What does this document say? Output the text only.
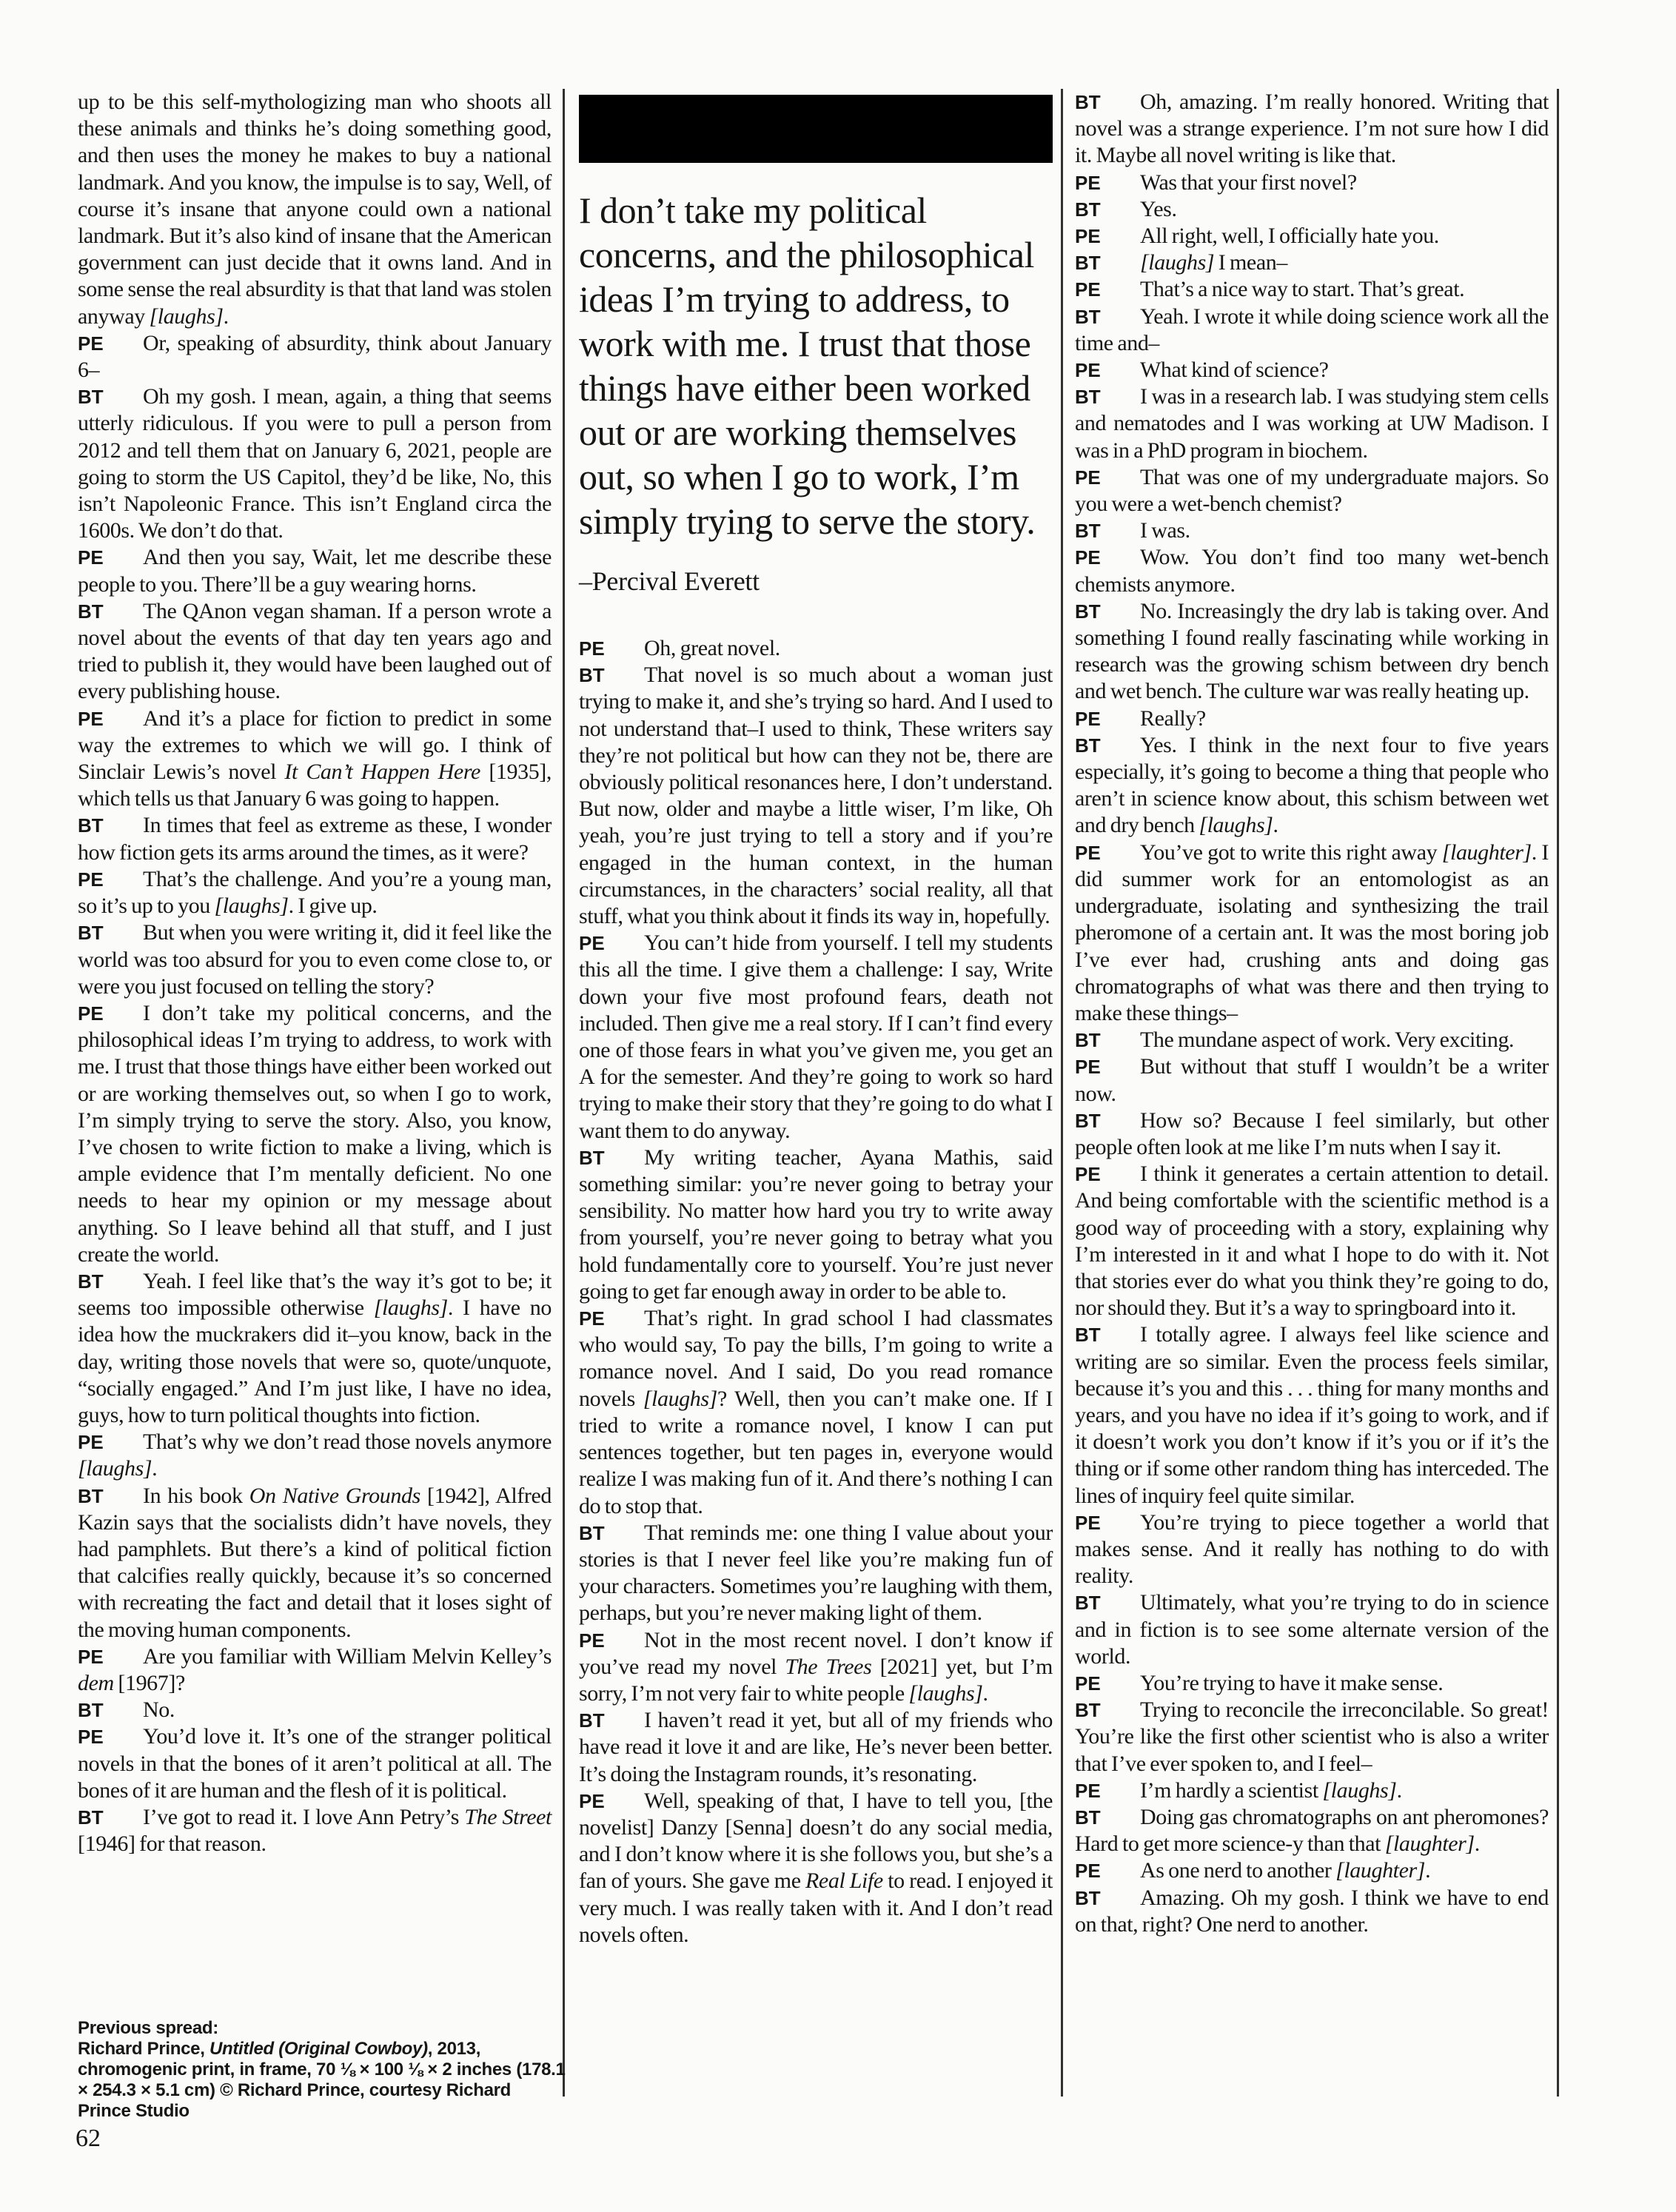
up to be this self-mythologizing man who shoots all these animals and thinks he’s doing something good, and then uses the money he makes to buy a national landmark. And you know, the impulse is to say, Well, of course it’s insane that anyone could own a national landmark. But it’s also kind of insane that the American government can just decide that it owns land. And in some sense the real absurdity is that that land was stolen anyway [laughs].

PE Or, speaking of absurdity, think about January 6–

BT Oh my gosh. I mean, again, a thing that seems utterly ridiculous. If you were to pull a person from 2012 and tell them that on January 6, 2021, people are going to storm the US Capitol, they’d be like, No, this isn’t Napoleonic France. This isn’t England circa the 1600s. We don’t do that.

PE And then you say, Wait, let me describe these people to you. There’ll be a guy wearing horns.

BT The QAnon vegan shaman. If a person wrote a novel about the events of that day ten years ago and tried to publish it, they would have been laughed out of every publishing house.

PE And it’s a place for fiction to predict in some way the extremes to which we will go. I think of Sinclair Lewis’s novel It Can’t Happen Here [1935], which tells us that January 6 was going to happen.

BT In times that feel as extreme as these, I wonder how fiction gets its arms around the times, as it were?

PE That’s the challenge. And you’re a young man, so it’s up to you [laughs]. I give up.

BT But when you were writing it, did it feel like the world was too absurd for you to even come close to, or were you just focused on telling the story?

PE I don’t take my political concerns, and the philosophical ideas I’m trying to address, to work with me. I trust that those things have either been worked out or are working themselves out, so when I go to work, I’m simply trying to serve the story. Also, you know, I’ve chosen to write fiction to make a living, which is ample evidence that I’m mentally deficient. No one needs to hear my opinion or my message about anything. So I leave behind all that stuff, and I just create the world.

BT Yeah. I feel like that’s the way it’s got to be; it seems too impossible otherwise [laughs]. I have no idea how the muckrakers did it–you know, back in the day, writing those novels that were so, quote/unquote, “socially engaged.” And I’m just like, I have no idea, guys, how to turn political thoughts into fiction.

PE That’s why we don’t read those novels anymore [laughs].

BT In his book On Native Grounds [1942], Alfred Kazin says that the socialists didn’t have novels, they had pamphlets. But there’s a kind of political fiction that calcifies really quickly, because it’s so concerned with recreating the fact and detail that it loses sight of the moving human components.

PE Are you familiar with William Melvin Kelley’s dem [1967]?

BT No.

PE You’d love it. It’s one of the stranger political novels in that the bones of it aren’t political at all. The bones of it are human and the flesh of it is political.

BT I’ve got to read it. I love Ann Petry’s The Street [1946] for that reason.

I don’t take my political concerns, and the philosophical ideas I’m trying to address, to work with me. I trust that those things have either been worked out or are working themselves out, so when I go to work, I’m simply trying to serve the story.
–Percival Everett

PE Oh, great novel.

BT That novel is so much about a woman just trying to make it, and she’s trying so hard. And I used to not understand that–I used to think, These writers say they’re not political but how can they not be, there are obviously political resonances here, I don’t understand. But now, older and maybe a little wiser, I’m like, Oh yeah, you’re just trying to tell a story and if you’re engaged in the human context, in the human circumstances, in the characters’ social reality, all that stuff, what you think about it finds its way in, hopefully.

PE You can’t hide from yourself. I tell my students this all the time. I give them a challenge: I say, Write down your five most profound fears, death not included. Then give me a real story. If I can’t find every one of those fears in what you’ve given me, you get an A for the semester. And they’re going to work so hard trying to make their story that they’re going to do what I want them to do anyway.

BT My writing teacher, Ayana Mathis, said something similar: you’re never going to betray your sensibility. No matter how hard you try to write away from yourself, you’re never going to betray what you hold fundamentally core to yourself. You’re just never going to get far enough away in order to be able to.

PE That’s right. In grad school I had classmates who would say, To pay the bills, I’m going to write a romance novel. And I said, Do you read romance novels [laughs]? Well, then you can’t make one. If I tried to write a romance novel, I know I can put sentences together, but ten pages in, everyone would realize I was making fun of it. And there’s nothing I can do to stop that.

BT That reminds me: one thing I value about your stories is that I never feel like you’re making fun of your characters. Sometimes you’re laughing with them, perhaps, but you’re never making light of them.

PE Not in the most recent novel. I don’t know if you’ve read my novel The Trees [2021] yet, but I’m sorry, I’m not very fair to white people [laughs].

BT I haven’t read it yet, but all of my friends who have read it love it and are like, He’s never been better. It’s doing the Instagram rounds, it’s resonating.

PE Well, speaking of that, I have to tell you, [the novelist] Danzy [Senna] doesn’t do any social media, and I don’t know where it is she follows you, but she’s a fan of yours. She gave me Real Life to read. I enjoyed it very much. I was really taken with it. And I don’t read novels often.

BT Oh, amazing. I’m really honored. Writing that novel was a strange experience. I’m not sure how I did it. Maybe all novel writing is like that.

PE Was that your first novel?

BT Yes.

PE All right, well, I officially hate you.

BT [laughs] I mean–

PE That’s a nice way to start. That’s great.

BT Yeah. I wrote it while doing science work all the time and–

PE What kind of science?

BT I was in a research lab. I was studying stem cells and nematodes and I was working at UW Madison. I was in a PhD program in biochem.

PE That was one of my undergraduate majors. So you were a wet-bench chemist?

BT I was.

PE Wow. You don’t find too many wet-bench chemists anymore.

BT No. Increasingly the dry lab is taking over. And something I found really fascinating while working in research was the growing schism between dry bench and wet bench. The culture war was really heating up.

PE Really?

BT Yes. I think in the next four to five years especially, it’s going to become a thing that people who aren’t in science know about, this schism between wet and dry bench [laughs].

PE You’ve got to write this right away [laughter]. I did summer work for an entomologist as an undergraduate, isolating and synthesizing the trail pheromone of a certain ant. It was the most boring job I’ve ever had, crushing ants and doing gas chromatographs of what was there and then trying to make these things–

BT The mundane aspect of work. Very exciting.

PE But without that stuff I wouldn’t be a writer now.

BT How so? Because I feel similarly, but other people often look at me like I’m nuts when I say it.

PE I think it generates a certain attention to detail. And being comfortable with the scientific method is a good way of proceeding with a story, explaining why I’m interested in it and what I hope to do with it. Not that stories ever do what you think they’re going to do, nor should they. But it’s a way to springboard into it.

BT I totally agree. I always feel like science and writing are so similar. Even the process feels similar, because it’s you and this . . . thing for many months and years, and you have no idea if it’s going to work, and if it doesn’t work you don’t know if it’s you or if it’s the thing or if some other random thing has interceded. The lines of inquiry feel quite similar.

PE You’re trying to piece together a world that makes sense. And it really has nothing to do with reality.

BT Ultimately, what you’re trying to do in science and in fiction is to see some alternate version of the world.

PE You’re trying to have it make sense.

BT Trying to reconcile the irreconcilable. So great! You’re like the first other scientist who is also a writer that I’ve ever spoken to, and I feel–

PE I’m hardly a scientist [laughs].

BT Doing gas chromatographs on ant pheromones? Hard to get more science-y than that [laughter].

PE As one nerd to another [laughter].

BT Amazing. Oh my gosh. I think we have to end on that, right? One nerd to another.

Previous spread:
Richard Prince, Untitled (Original Cowboy), 2013, chromogenic print, in frame, 70 ⅛ × 100 ⅛ × 2 inches (178.1 × 254.3 × 5.1 cm) © Richard Prince, courtesy Richard Prince Studio
62
